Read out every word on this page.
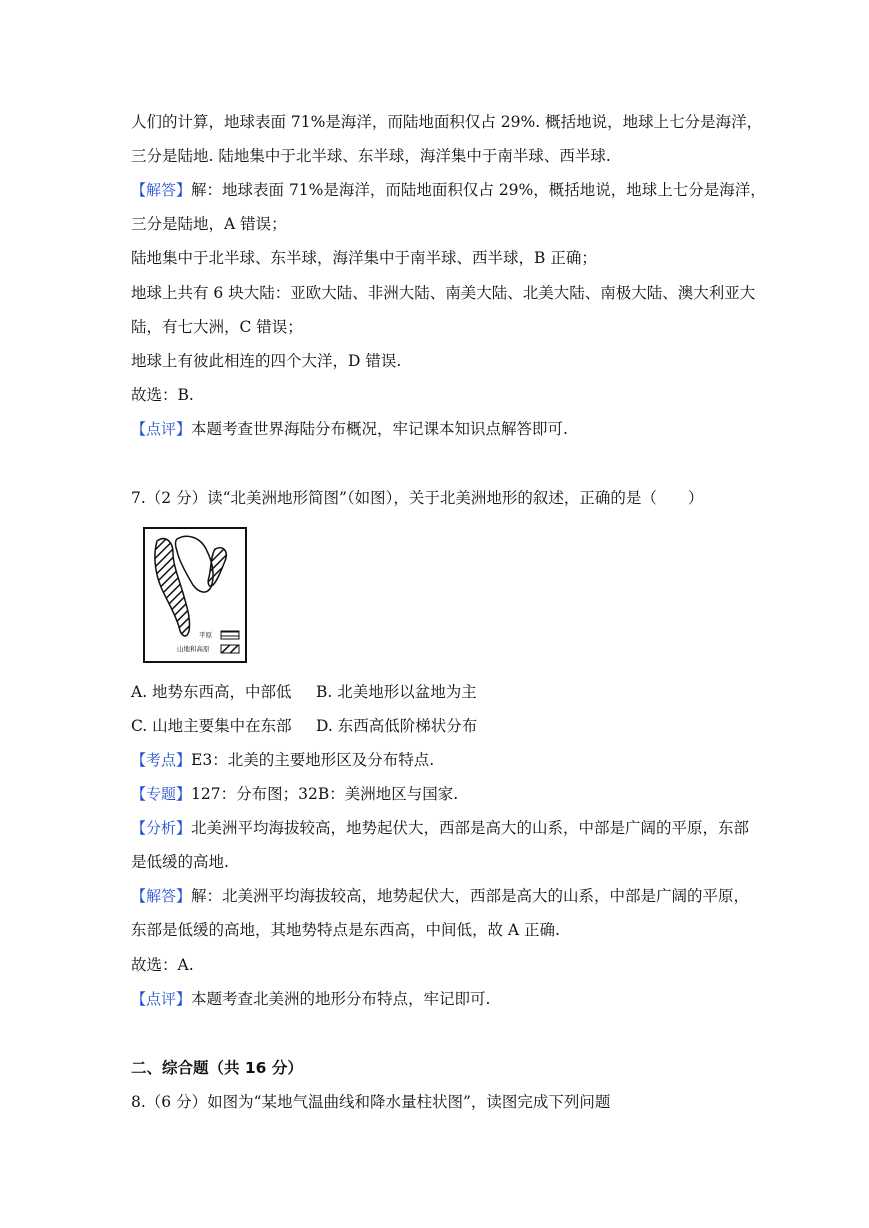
人们的计算，地球表面 71%是海洋，而陆地面积仅占 29%. 概括地说，地球上七分是海洋，
三分是陆地. 陆地集中于北半球、东半球，海洋集中于南半球、西半球.
【解答】解：地球表面 71%是海洋，而陆地面积仅占 29%，概括地说，地球上七分是海洋，
三分是陆地，A 错误；
陆地集中于北半球、东半球，海洋集中于南半球、西半球，B 正确；
地球上共有 6 块大陆：亚欧大陆、非洲大陆、南美大陆、北美大陆、南极大陆、澳大利亚大
陆，有七大洲，C 错误；
地球上有彼此相连的四个大洋，D 错误.
故选：B.
【点评】本题考查世界海陆分布概况，牢记课本知识点解答即可.
7.（2 分）读“北美洲地形简图”（如图），关于北美洲地形的叙述，正确的是（　　）
平原
山地和高原
A. 地势东西高，中部低 B. 北美地形以盆地为主
C. 山地主要集中在东部 D. 东西高低阶梯状分布
【考点】E3：北美的主要地形区及分布特点.
【专题】127：分布图；32B：美洲地区与国家.
【分析】北美洲平均海拔较高，地势起伏大，西部是高大的山系，中部是广阔的平原，东部
是低缓的高地.
【解答】解：北美洲平均海拔较高，地势起伏大，西部是高大的山系，中部是广阔的平原，
东部是低缓的高地，其地势特点是东西高，中间低，故 A 正确.
故选：A.
【点评】本题考查北美洲的地形分布特点，牢记即可.
二、综合题（共 16 分）
8.（6 分）如图为“某地气温曲线和降水量柱状图”，读图完成下列问题
